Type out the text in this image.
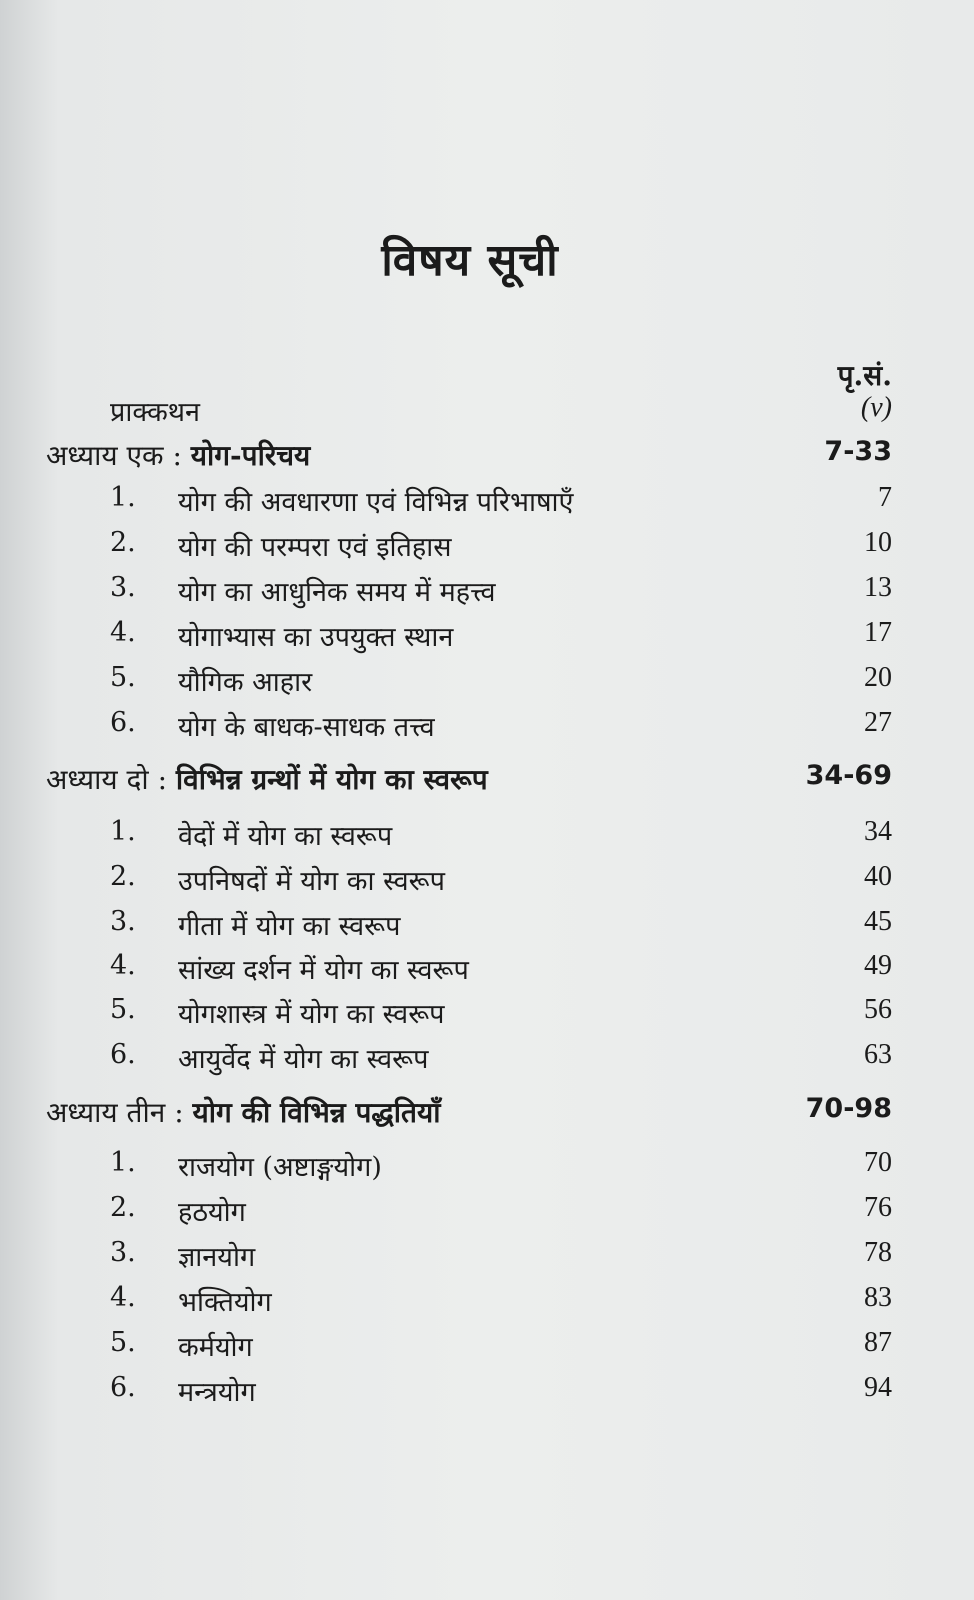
विषय सूची
पृ.सं.
प्राक्कथन	(v)
अध्याय एक : योग-परिचय	7-33
1. योग की अवधारणा एवं विभिन्न परिभाषाएँ	7
2. योग की परम्परा एवं इतिहास	10
3. योग का आधुनिक समय में महत्त्व	13
4. योगाभ्यास का उपयुक्त स्थान	17
5. यौगिक आहार	20
6. योग के बाधक-साधक तत्त्व	27
अध्याय दो : विभिन्न ग्रन्थों में योग का स्वरूप	34-69
1. वेदों में योग का स्वरूप	34
2. उपनिषदों में योग का स्वरूप	40
3. गीता में योग का स्वरूप	45
4. सांख्य दर्शन में योग का स्वरूप	49
5. योगशास्त्र में योग का स्वरूप	56
6. आयुर्वेद में योग का स्वरूप	63
अध्याय तीन : योग की विभिन्न पद्धतियाँ	70-98
1. राजयोग (अष्टाङ्गयोग)	70
2. हठयोग	76
3. ज्ञानयोग	78
4. भक्तियोग	83
5. कर्मयोग	87
6. मन्त्रयोग	94
